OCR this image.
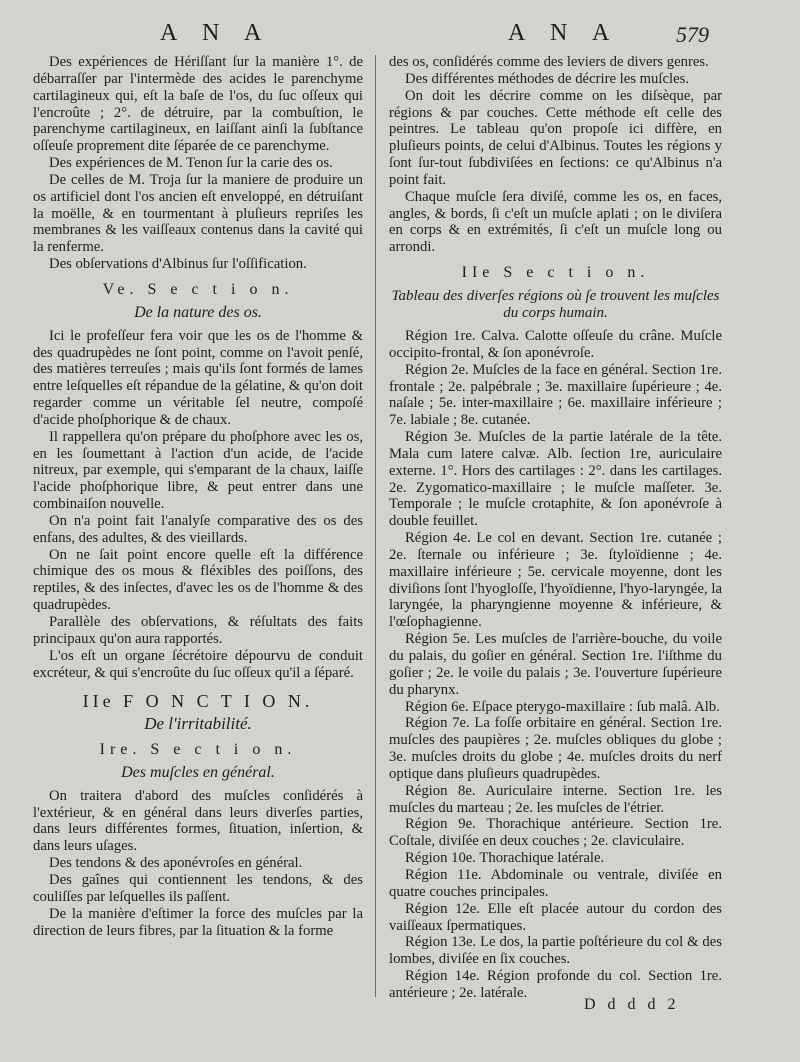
A N A	A N A	579

Des expériences de Hériſſant ſur la manière 1°. de débarraſſer par l'intermède des acides le parenchyme cartilagineux qui, eſt la baſe de l'os, du ſuc oſſeux qui l'encroûte ; 2°. de détruire, par la combuſtion, le parenchyme cartilagineux, en laiſſant ainſi la ſubſtance oſſeuſe proprement dite ſéparée de ce parenchyme.

Des expériences de M. Tenon ſur la carie des os.

De celles de M. Troja ſur la maniere de produire un os artificiel dont l'os ancien eſt enveloppé, en détruiſant la moëlle, & en tourmentant à pluſieurs repriſes les membranes & les vaiſſeaux contenus dans la cavité qui la renferme.

Des obſervations d'Albinus ſur l'oſſification.

Ve. S e c t i o n.
De la nature des os.

Ici le profeſſeur fera voir que les os de l'homme & des quadrupèdes ne ſont point, comme on l'avoit penſé, des matières terreuſes ; mais qu'ils ſont formés de lames entre leſquelles eſt répandue de la gélatine, & qu'on doit regarder comme un véritable ſel neutre, compoſé d'acide phoſphorique & de chaux.

Il rappellera qu'on prépare du phoſphore avec les os, en les ſoumettant à l'action d'un acide, de l'acide nitreux, par exemple, qui s'emparant de la chaux, laiſſe l'acide phoſphorique libre, & peut entrer dans une combinaiſon nouvelle.

On n'a point fait l'analyſe comparative des os des enfans, des adultes, & des vieillards.

On ne ſait point encore quelle eſt la différence chimique des os mous & fléxibles des poiſſons, des reptiles, & des inſectes, d'avec les os de l'homme & des quadrupèdes.

Parallèle des obſervations, & réſultats des faits principaux qu'on aura rapportés.

L'os eſt un organe ſécrétoire dépourvu de conduit excréteur, & qui s'encroûte du ſuc oſſeux qu'il a ſéparé.

IIe F O N C T I O N.
De l'irritabilité.
Ire. S e c t i o n.
Des muſcles en général.

On traitera d'abord des muſcles conſidérés à l'extérieur, & en général dans leurs diverſes parties, dans leurs différentes formes, ſituation, inſertion, & dans leurs uſages.

Des tendons & des aponévroſes en général.

Des gaînes qui contiennent les tendons, & des couliſſes par leſquelles ils paſſent.

De la manière d'eſtimer la force des muſcles par la direction de leurs fibres, par la ſituation & la forme

des os, conſidérés comme des leviers de divers genres.

Des différentes méthodes de décrire les muſcles.

On doit les décrire comme on les diſsèque, par régions & par couches. Cette méthode eſt celle des peintres. Le tableau qu'on propoſe ici diffère, en pluſieurs points, de celui d'Albinus. Toutes les régions y ſont ſur-tout ſubdiviſées en ſections: ce qu'Albinus n'a point fait.

Chaque muſcle ſera diviſé, comme les os, en faces, angles, & bords, ſi c'eſt un muſcle aplati ; on le diviſera en corps & en extrémités, ſi c'eſt un muſcle long ou arrondi.

IIe S e c t i o n.
Tableau des diverſes régions où ſe trouvent les muſcles du corps humain.

Région 1re. Calva. Calotte oſſeuſe du crâne. Muſcle occipito-frontal, & ſon aponévroſe.

Région 2e. Muſcles de la face en général. Section 1re. frontale ; 2e. palpébrale ; 3e. maxillaire ſupérieure ; 4e. naſale ; 5e. inter-maxillaire ; 6e. maxillaire inférieure ; 7e. labiale ; 8e. cutanée.

Région 3e. Muſcles de la partie latérale de la tête. Mala cum latere calvæ. Alb. ſection 1re, auriculaire externe. 1°. Hors des cartilages : 2°. dans les cartilages. 2e. Zygomatico-maxillaire ; le muſcle maſſeter. 3e. Temporale ; le muſcle crotaphite, & ſon aponévroſe à double feuillet.

Région 4e. Le col en devant. Section 1re. cutanée ; 2e. ſternale ou inférieure ; 3e. ſtyloïdienne ; 4e. maxillaire inférieure ; 5e. cervicale moyenne, dont les diviſions ſont l'hyogloſſe, l'hyoïdienne, l'hyo-laryngée, la laryngée, la pharyngienne moyenne & inférieure, & l'œſophagienne.

Région 5e. Les muſcles de l'arrière-bouche, du voile du palais, du goſier en général. Section 1re. l'iſthme du goſier ; 2e. le voile du palais ; 3e. l'ouverture ſupérieure du pharynx.

Région 6e. Eſpace pterygo-maxillaire : ſub malâ. Alb.

Région 7e. La foſſe orbitaire en général. Section 1re. muſcles des paupières ; 2e. muſcles obliques du globe ; 3e. muſcles droits du globe ; 4e. muſcles droits du nerf optique dans pluſieurs quadrupèdes.

Région 8e. Auriculaire interne. Section 1re. les muſcles du marteau ; 2e. les muſcles de l'étrier.

Région 9e. Thorachique antérieure. Section 1re. Coſtale, diviſée en deux couches ; 2e. claviculaire.

Région 10e. Thorachique latérale.

Région 11e. Abdominale ou ventrale, diviſée en quatre couches principales.

Région 12e. Elle eſt placée autour du cordon des vaiſſeaux ſpermatiques.

Région 13e. Le dos, la partie poſtérieure du col & des lombes, diviſée en ſix couches.

Région 14e. Région profonde du col. Section 1re. antérieure ; 2e. latérale.

D d d d 2
